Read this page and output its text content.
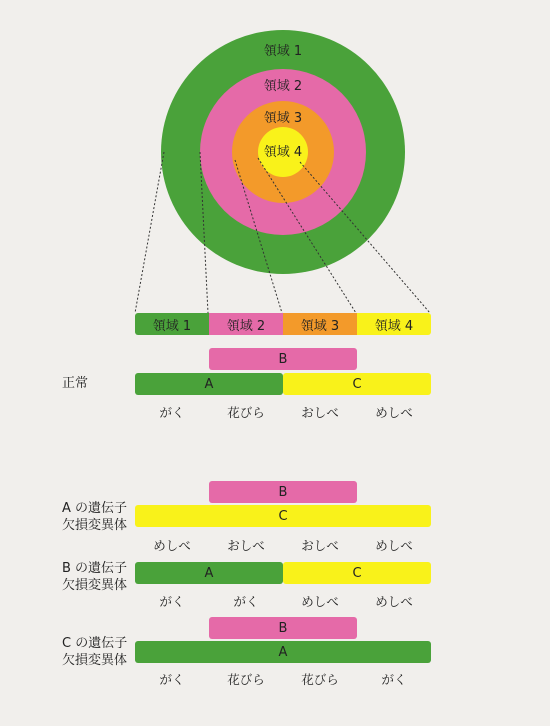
領域 1
領域 2
領域 3
領域 4
領域 1	領域 2	領域 3	領域 4
正常
B
A	C
がく	花びら	おしべ	めしべ
A の遺伝子
欠損変異体
B
C
めしべ	おしべ	おしべ	めしべ
B の遺伝子
欠損変異体
A	C
がく	がく	めしべ	めしべ
C の遺伝子
欠損変異体
B
A
がく	花びら	花びら	がく
